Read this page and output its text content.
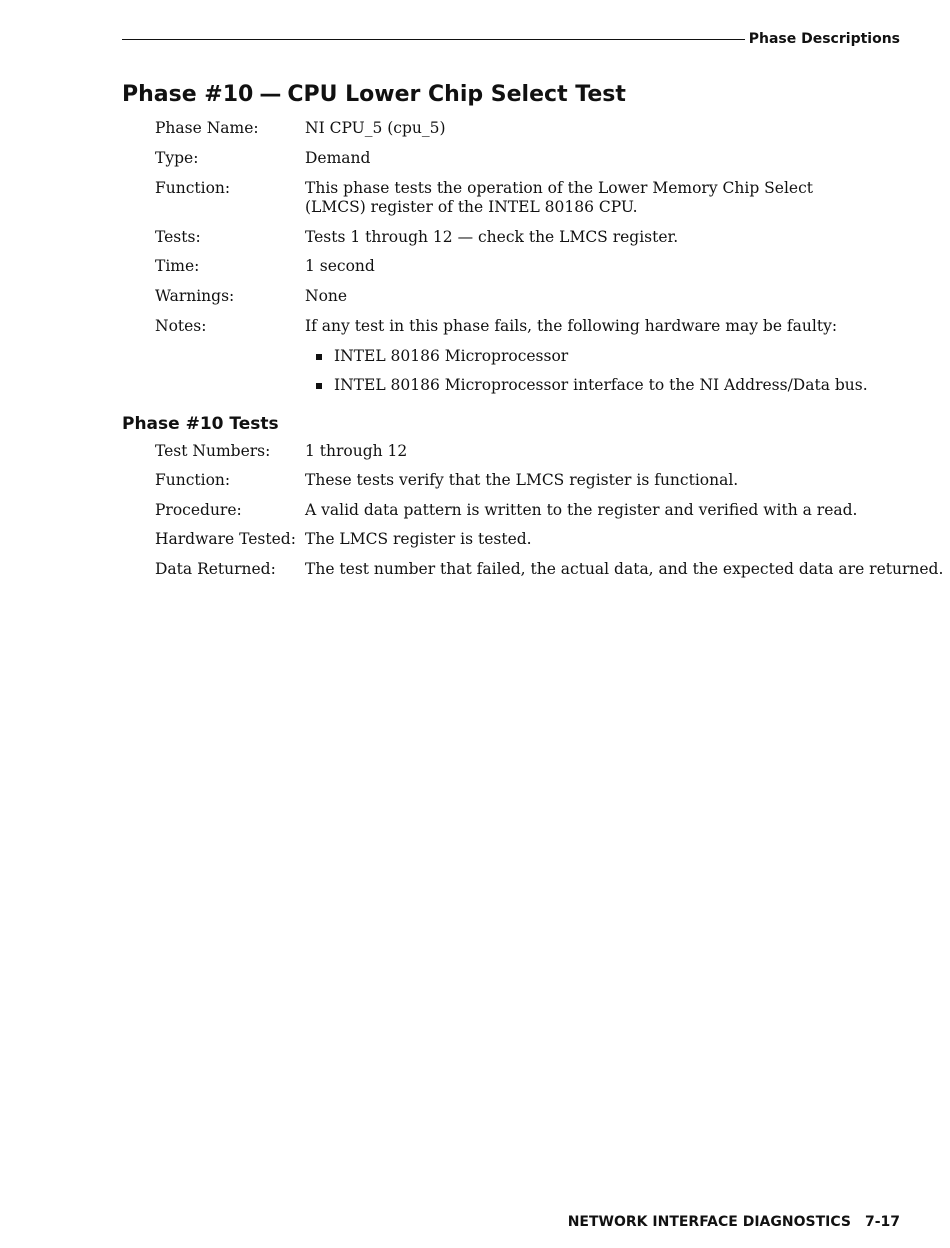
Phase Descriptions
Phase #10 — CPU Lower Chip Select Test
Phase Name:	NI CPU_5 (cpu_5)
Type:	Demand
Function:	This phase tests the operation of the Lower Memory Chip Select (LMCS) register of the INTEL 80186 CPU.
Tests:	Tests 1 through 12 — check the LMCS register.
Time:	1 second
Warnings:	None
Notes:	If any test in this phase fails, the following hardware may be faulty:
INTEL 80186 Microprocessor
INTEL 80186 Microprocessor interface to the NI Address/Data bus.
Phase #10 Tests
Test Numbers:	1 through 12
Function:	These tests verify that the LMCS register is functional.
Procedure:	A valid data pattern is written to the register and verified with a read.
Hardware Tested: The LMCS register is tested.
Data Returned:	The test number that failed, the actual data, and the expected data are returned.
NETWORK INTERFACE DIAGNOSTICS 7-17
